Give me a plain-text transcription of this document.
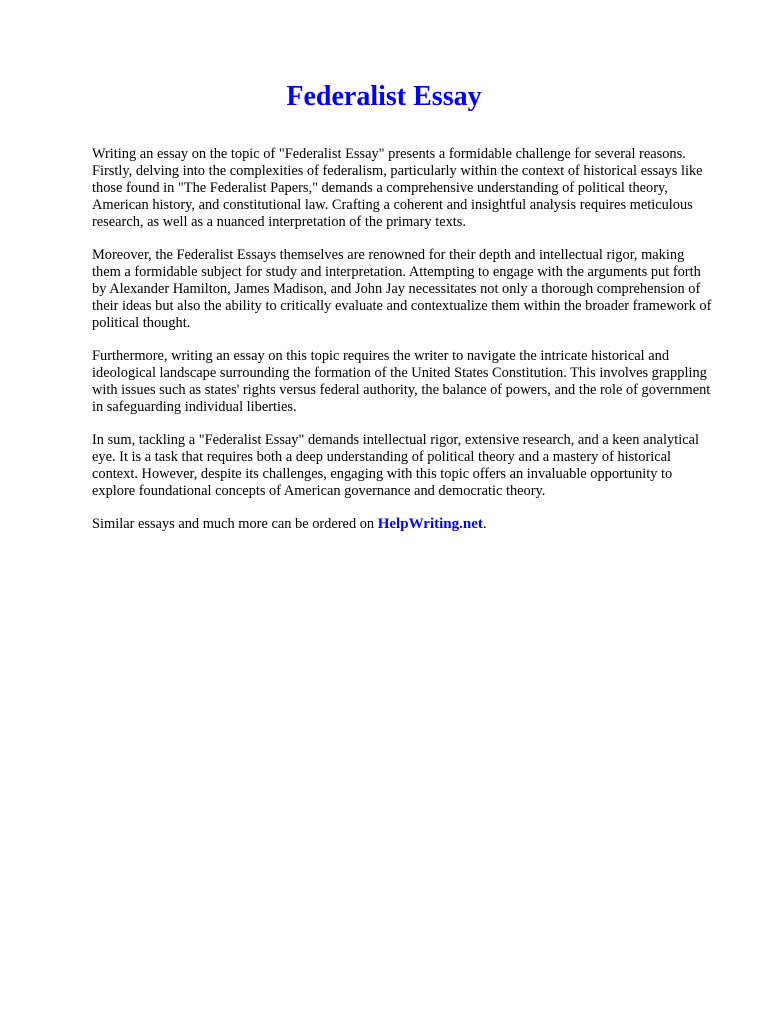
Federalist Essay

Writing an essay on the topic of "Federalist Essay" presents a formidable challenge for several reasons. Firstly, delving into the complexities of federalism, particularly within the context of historical essays like those found in "The Federalist Papers," demands a comprehensive understanding of political theory, American history, and constitutional law. Crafting a coherent and insightful analysis requires meticulous research, as well as a nuanced interpretation of the primary texts.

Moreover, the Federalist Essays themselves are renowned for their depth and intellectual rigor, making them a formidable subject for study and interpretation. Attempting to engage with the arguments put forth by Alexander Hamilton, James Madison, and John Jay necessitates not only a thorough comprehension of their ideas but also the ability to critically evaluate and contextualize them within the broader framework of political thought.

Furthermore, writing an essay on this topic requires the writer to navigate the intricate historical and ideological landscape surrounding the formation of the United States Constitution. This involves grappling with issues such as states' rights versus federal authority, the balance of powers, and the role of government in safeguarding individual liberties.

In sum, tackling a "Federalist Essay" demands intellectual rigor, extensive research, and a keen analytical eye. It is a task that requires both a deep understanding of political theory and a mastery of historical context. However, despite its challenges, engaging with this topic offers an invaluable opportunity to explore foundational concepts of American governance and democratic theory.

Similar essays and much more can be ordered on HelpWriting.net.
